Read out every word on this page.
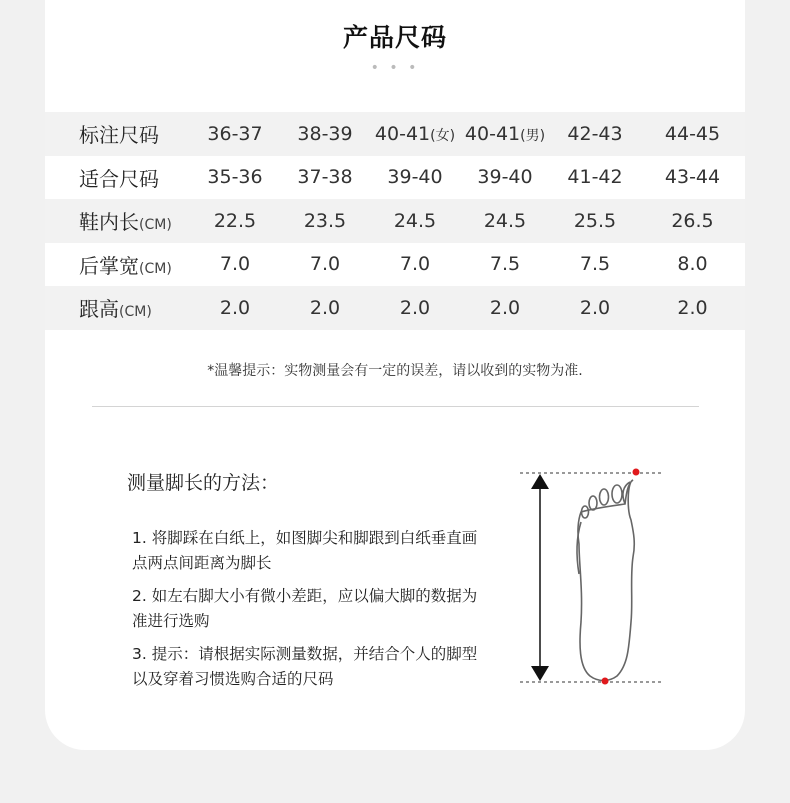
产品尺码
• • •
标注尺码	36-37	38-39	40-41(女)	40-41(男)	42-43	44-45
适合尺码	35-36	37-38	39-40	39-40	41-42	43-44
鞋内长(CM)	22.5	23.5	24.5	24.5	25.5	26.5
后掌宽(CM)	7.0	7.0	7.0	7.5	7.5	8.0
跟高(CM)	2.0	2.0	2.0	2.0	2.0	2.0
*温馨提示：实物测量会有一定的误差，请以收到的实物为准.
测量脚长的方法：
1. 将脚踩在白纸上，如图脚尖和脚跟到白纸垂直画点两点间距离为脚长
2. 如左右脚大小有微小差距，应以偏大脚的数据为准进行选购
3. 提示：请根据实际测量数据，并结合个人的脚型以及穿着习惯选购合适的尺码
